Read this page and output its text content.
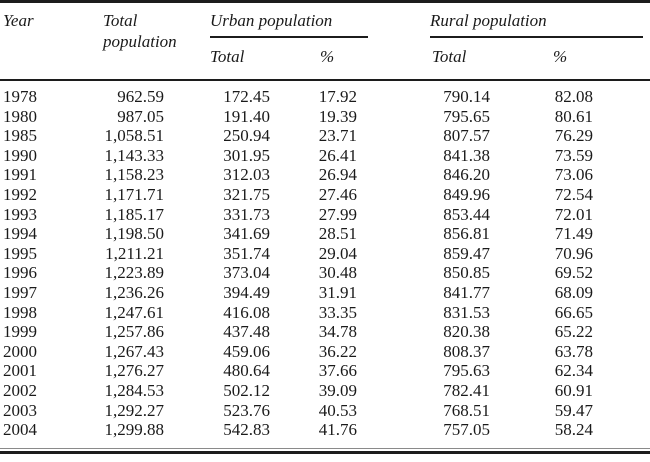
Year	Total population	Urban population		Rural population	

		Total	%	Total	%
1978	962.59	172.45	17.92	790.14	82.08
1980	987.05	191.40	19.39	795.65	80.61
1985	1,058.51	250.94	23.71	807.57	76.29
1990	1,143.33	301.95	26.41	841.38	73.59
1991	1,158.23	312.03	26.94	846.20	73.06
1992	1,171.71	321.75	27.46	849.96	72.54
1993	1,185.17	331.73	27.99	853.44	72.01
1994	1,198.50	341.69	28.51	856.81	71.49
1995	1,211.21	351.74	29.04	859.47	70.96
1996	1,223.89	373.04	30.48	850.85	69.52
1997	1,236.26	394.49	31.91	841.77	68.09
1998	1,247.61	416.08	33.35	831.53	66.65
1999	1,257.86	437.48	34.78	820.38	65.22
2000	1,267.43	459.06	36.22	808.37	63.78
2001	1,276.27	480.64	37.66	795.63	62.34
2002	1,284.53	502.12	39.09	782.41	60.91
2003	1,292.27	523.76	40.53	768.51	59.47
2004	1,299.88	542.83	41.76	757.05	58.24
